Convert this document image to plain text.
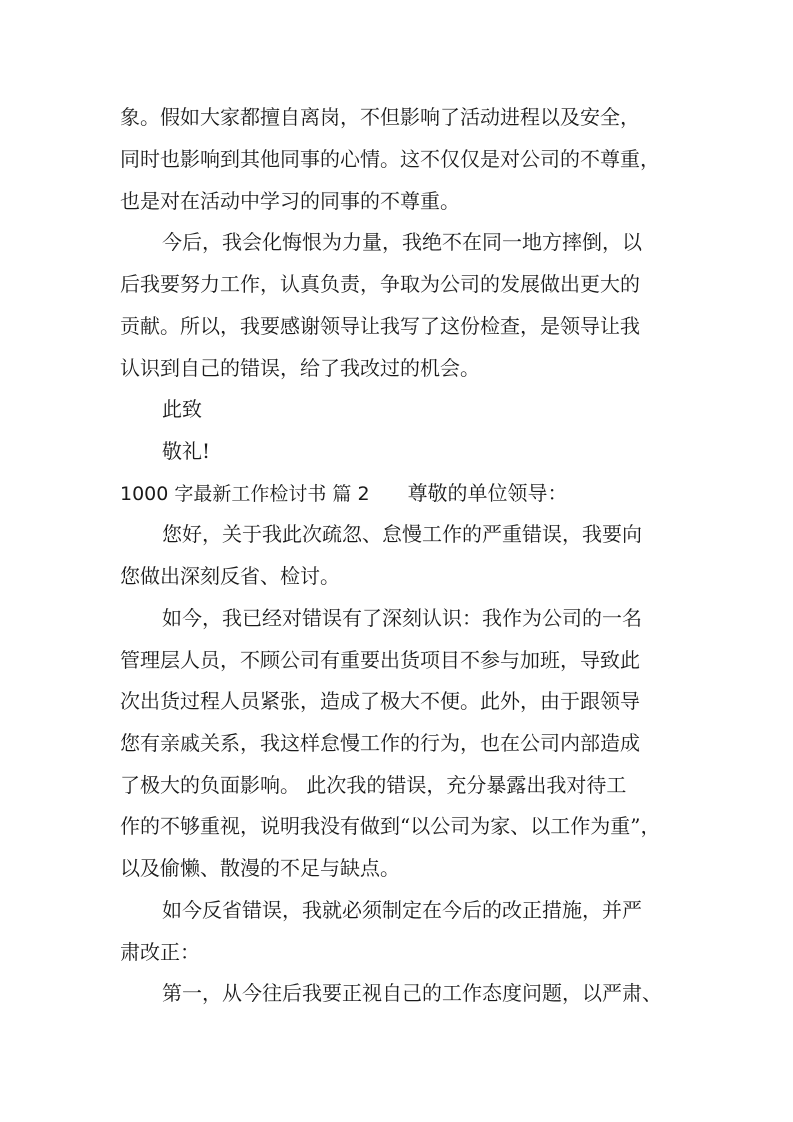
象。假如大家都擅自离岗，不但影响了活动进程以及安全，
同时也影响到其他同事的心情。这不仅仅是对公司的不尊重，
也是对在活动中学习的同事的不尊重。
今后，我会化悔恨为力量，我绝不在同一地方摔倒，以
后我要努力工作，认真负责，争取为公司的发展做出更大的
贡献。所以，我要感谢领导让我写了这份检查，是领导让我
认识到自己的错误，给了我改过的机会。
此致
敬礼!
1000 字最新工作检讨书 篇 2 尊敬的单位领导：
您好，关于我此次疏忽、怠慢工作的严重错误，我要向
您做出深刻反省、检讨。
如今，我已经对错误有了深刻认识：我作为公司的一名
管理层人员，不顾公司有重要出货项目不参与加班，导致此
次出货过程人员紧张，造成了极大不便。此外，由于跟领导
您有亲戚关系，我这样怠慢工作的行为，也在公司内部造成
了极大的负面影响。 此次我的错误，充分暴露出我对待工
作的不够重视，说明我没有做到“以公司为家、以工作为重”，
以及偷懒、散漫的不足与缺点。
如今反省错误，我就必须制定在今后的改正措施，并严
肃改正：
第一，从今往后我要正视自己的工作态度问题，以严肃、
